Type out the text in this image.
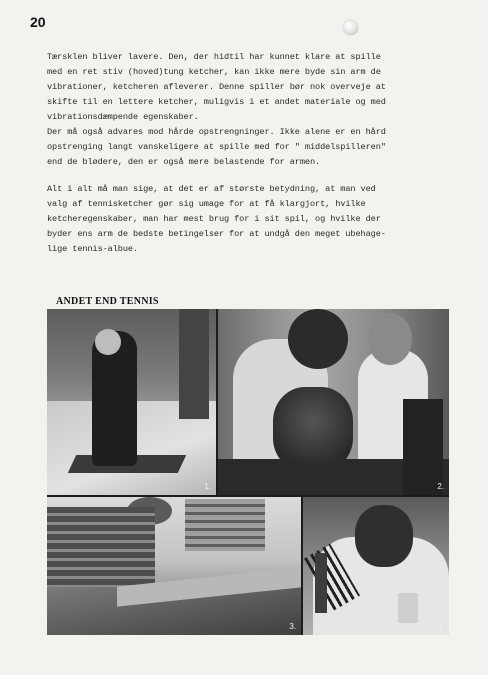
20

Tærsklen bliver lavere. Den, der hidtil har kunnet klare at spille

med en ret stiv (hoved)tung ketcher, kan ikke mere byde sin arm de

vibrationer, ketcheren afleverer. Denne spiller bør nok overveje at

skifte til en lettere ketcher, muligvis i et andet materiale og med

vibrationsdæmpende egenskaber.

Der må også advares mod hårde opstrengninger. Ikke alene er en hård

opstrenging langt vanskeligere at spille med for " middelspilleren"

end de blødere, den er også mere belastende for armen.

Alt i alt må man sige, at det er af største betydning, at man ved

valg af tennisketcher gør sig umage for at få klargjort, hvilke

ketcheregenskaber, man har mest brug for i sit spil, og hvilke der

byder ens arm de bedste betingelser for at undgå den meget ubehage-

lige tennis-albue.

ANDET END TENNIS
1.	2.
3.	4.
